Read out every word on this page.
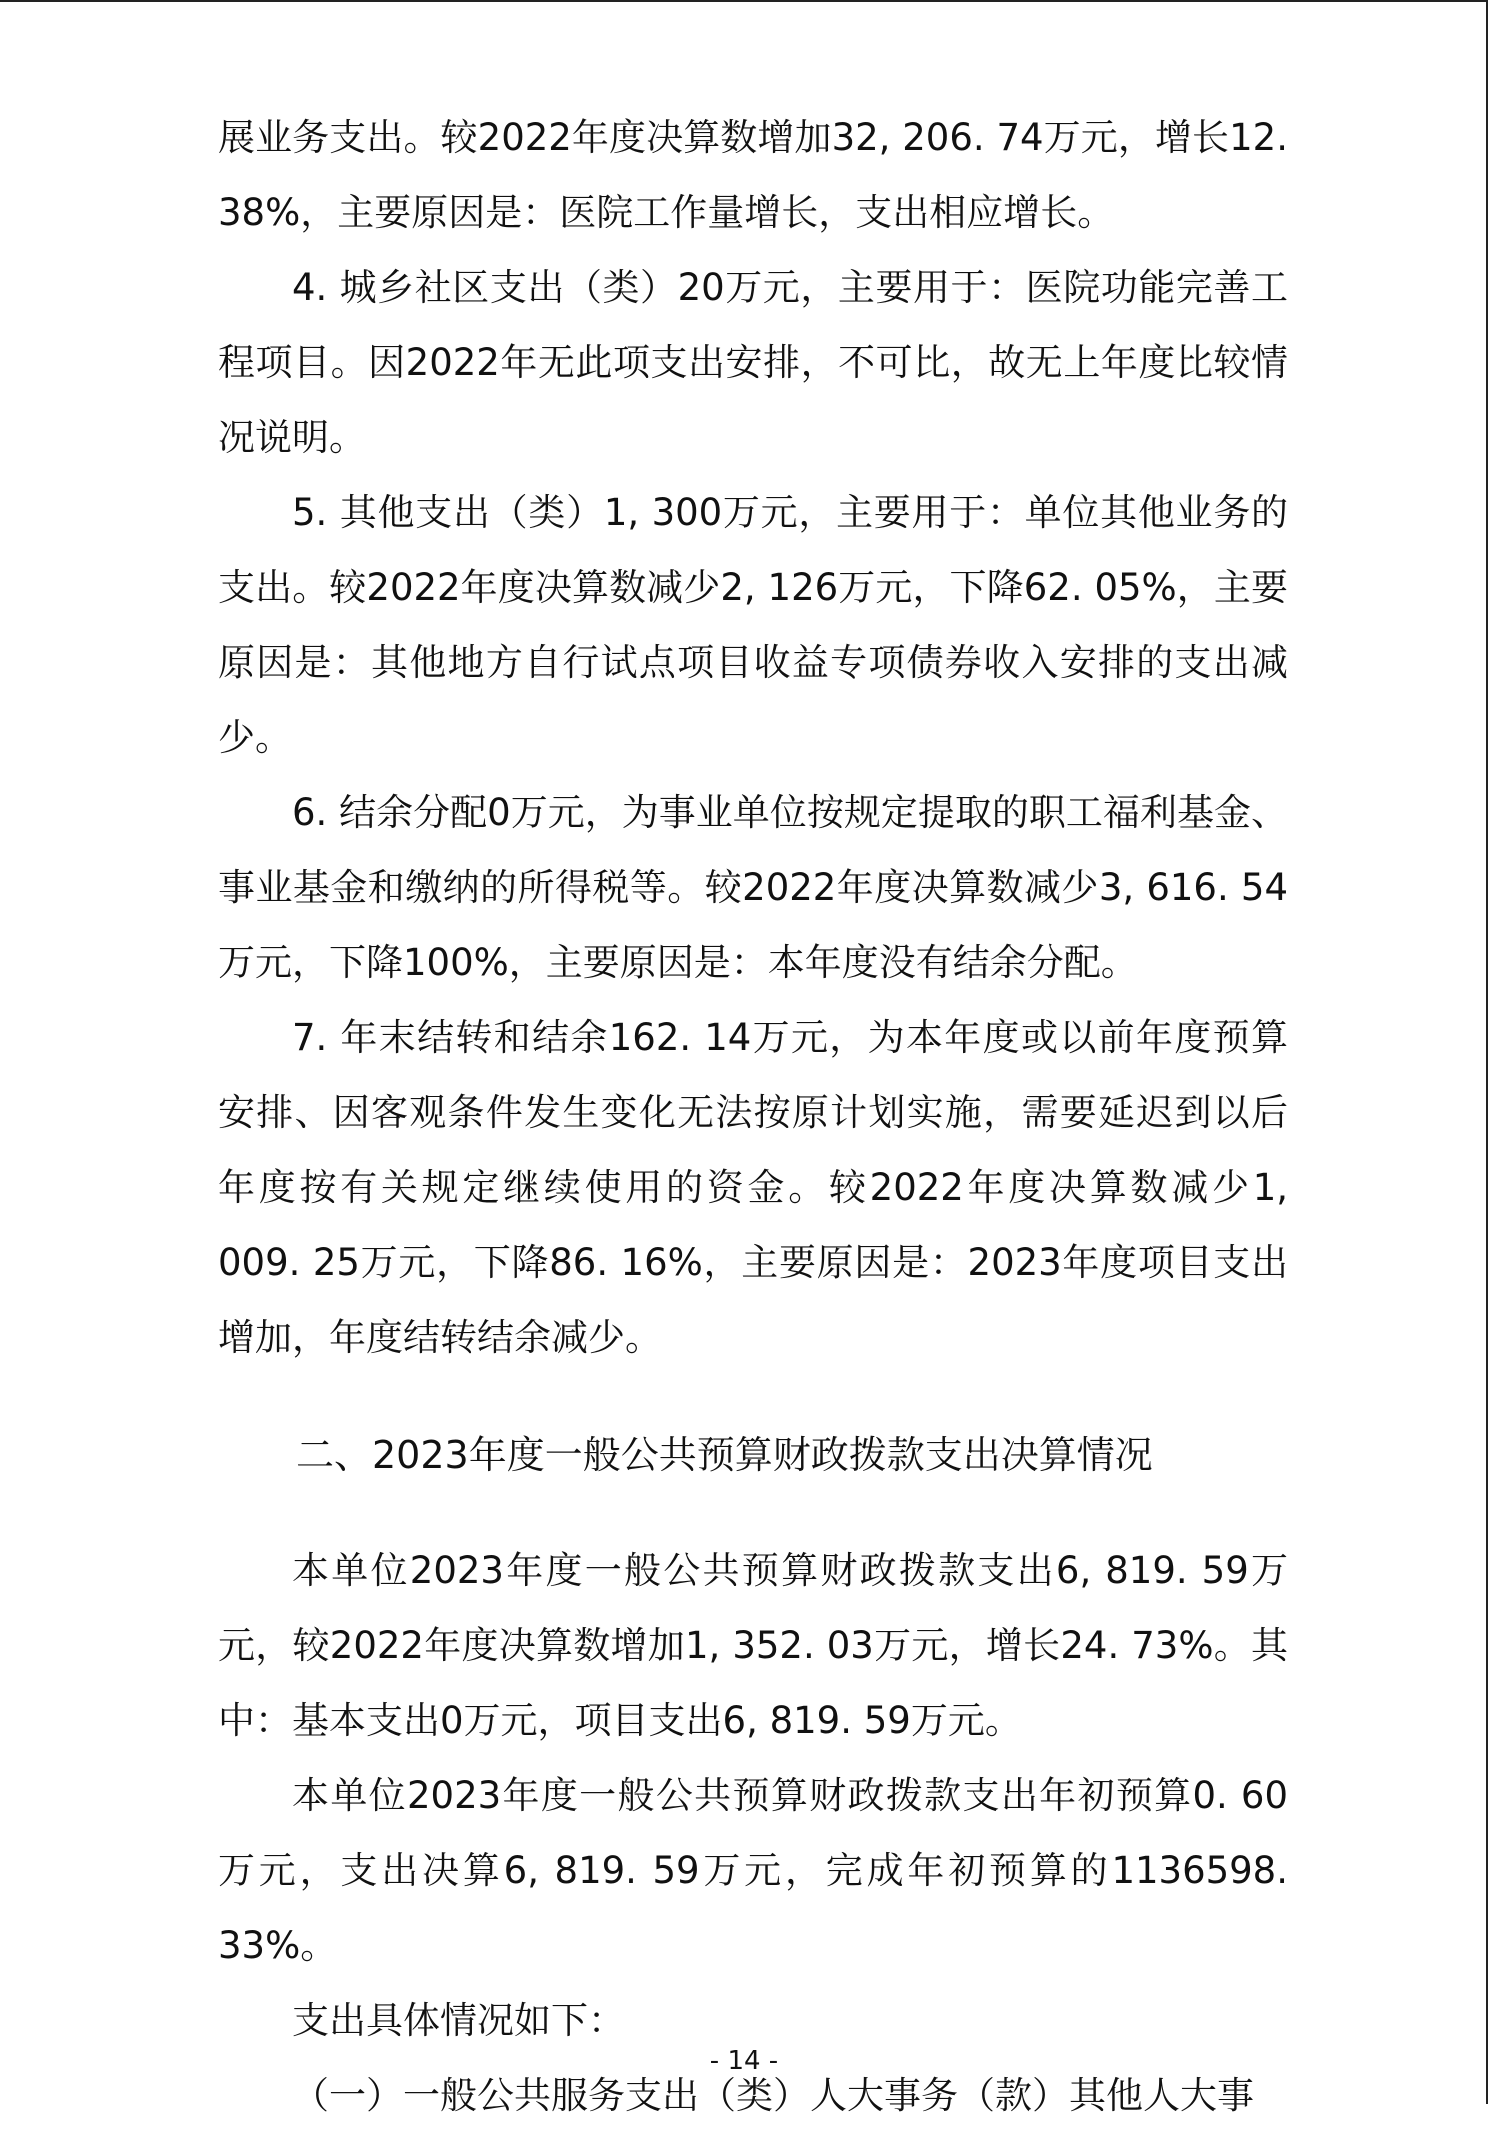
展业务支出。较2022年度决算数增加32, 206. 74万元，增长12. 38%，主要原因是：医院工作量增长，支出相应增长。

4. 城乡社区支出（类）20万元，主要用于：医院功能完善工程项目。因2022年无此项支出安排，不可比，故无上年度比较情况说明。

5. 其他支出（类）1, 300万元，主要用于：单位其他业务的支出。较2022年度决算数减少2, 126万元，下降62. 05%，主要原因是：其他地方自行试点项目收益专项债券收入安排的支出减少。

6. 结余分配0万元，为事业单位按规定提取的职工福利基金、事业基金和缴纳的所得税等。较2022年度决算数减少3, 616. 54万元，下降100%，主要原因是：本年度没有结余分配。

7. 年末结转和结余162. 14万元，为本年度或以前年度预算安排、因客观条件发生变化无法按原计划实施，需要延迟到以后年度按有关规定继续使用的资金。较2022年度决算数减少1, 009. 25万元，下降86. 16%，主要原因是：2023年度项目支出增加，年度结转结余减少。

二、2023年度一般公共预算财政拨款支出决算情况

本单位2023年度一般公共预算财政拨款支出6, 819. 59万元，较2022年度决算数增加1, 352. 03万元，增长24. 73%。其中：基本支出0万元，项目支出6, 819. 59万元。

本单位2023年度一般公共预算财政拨款支出年初预算0. 60万元，支出决算6, 819. 59万元，完成年初预算的1136598. 33%。

支出具体情况如下：

（一）一般公共服务支出（类）人大事务（款）其他人大事

- 14 -
